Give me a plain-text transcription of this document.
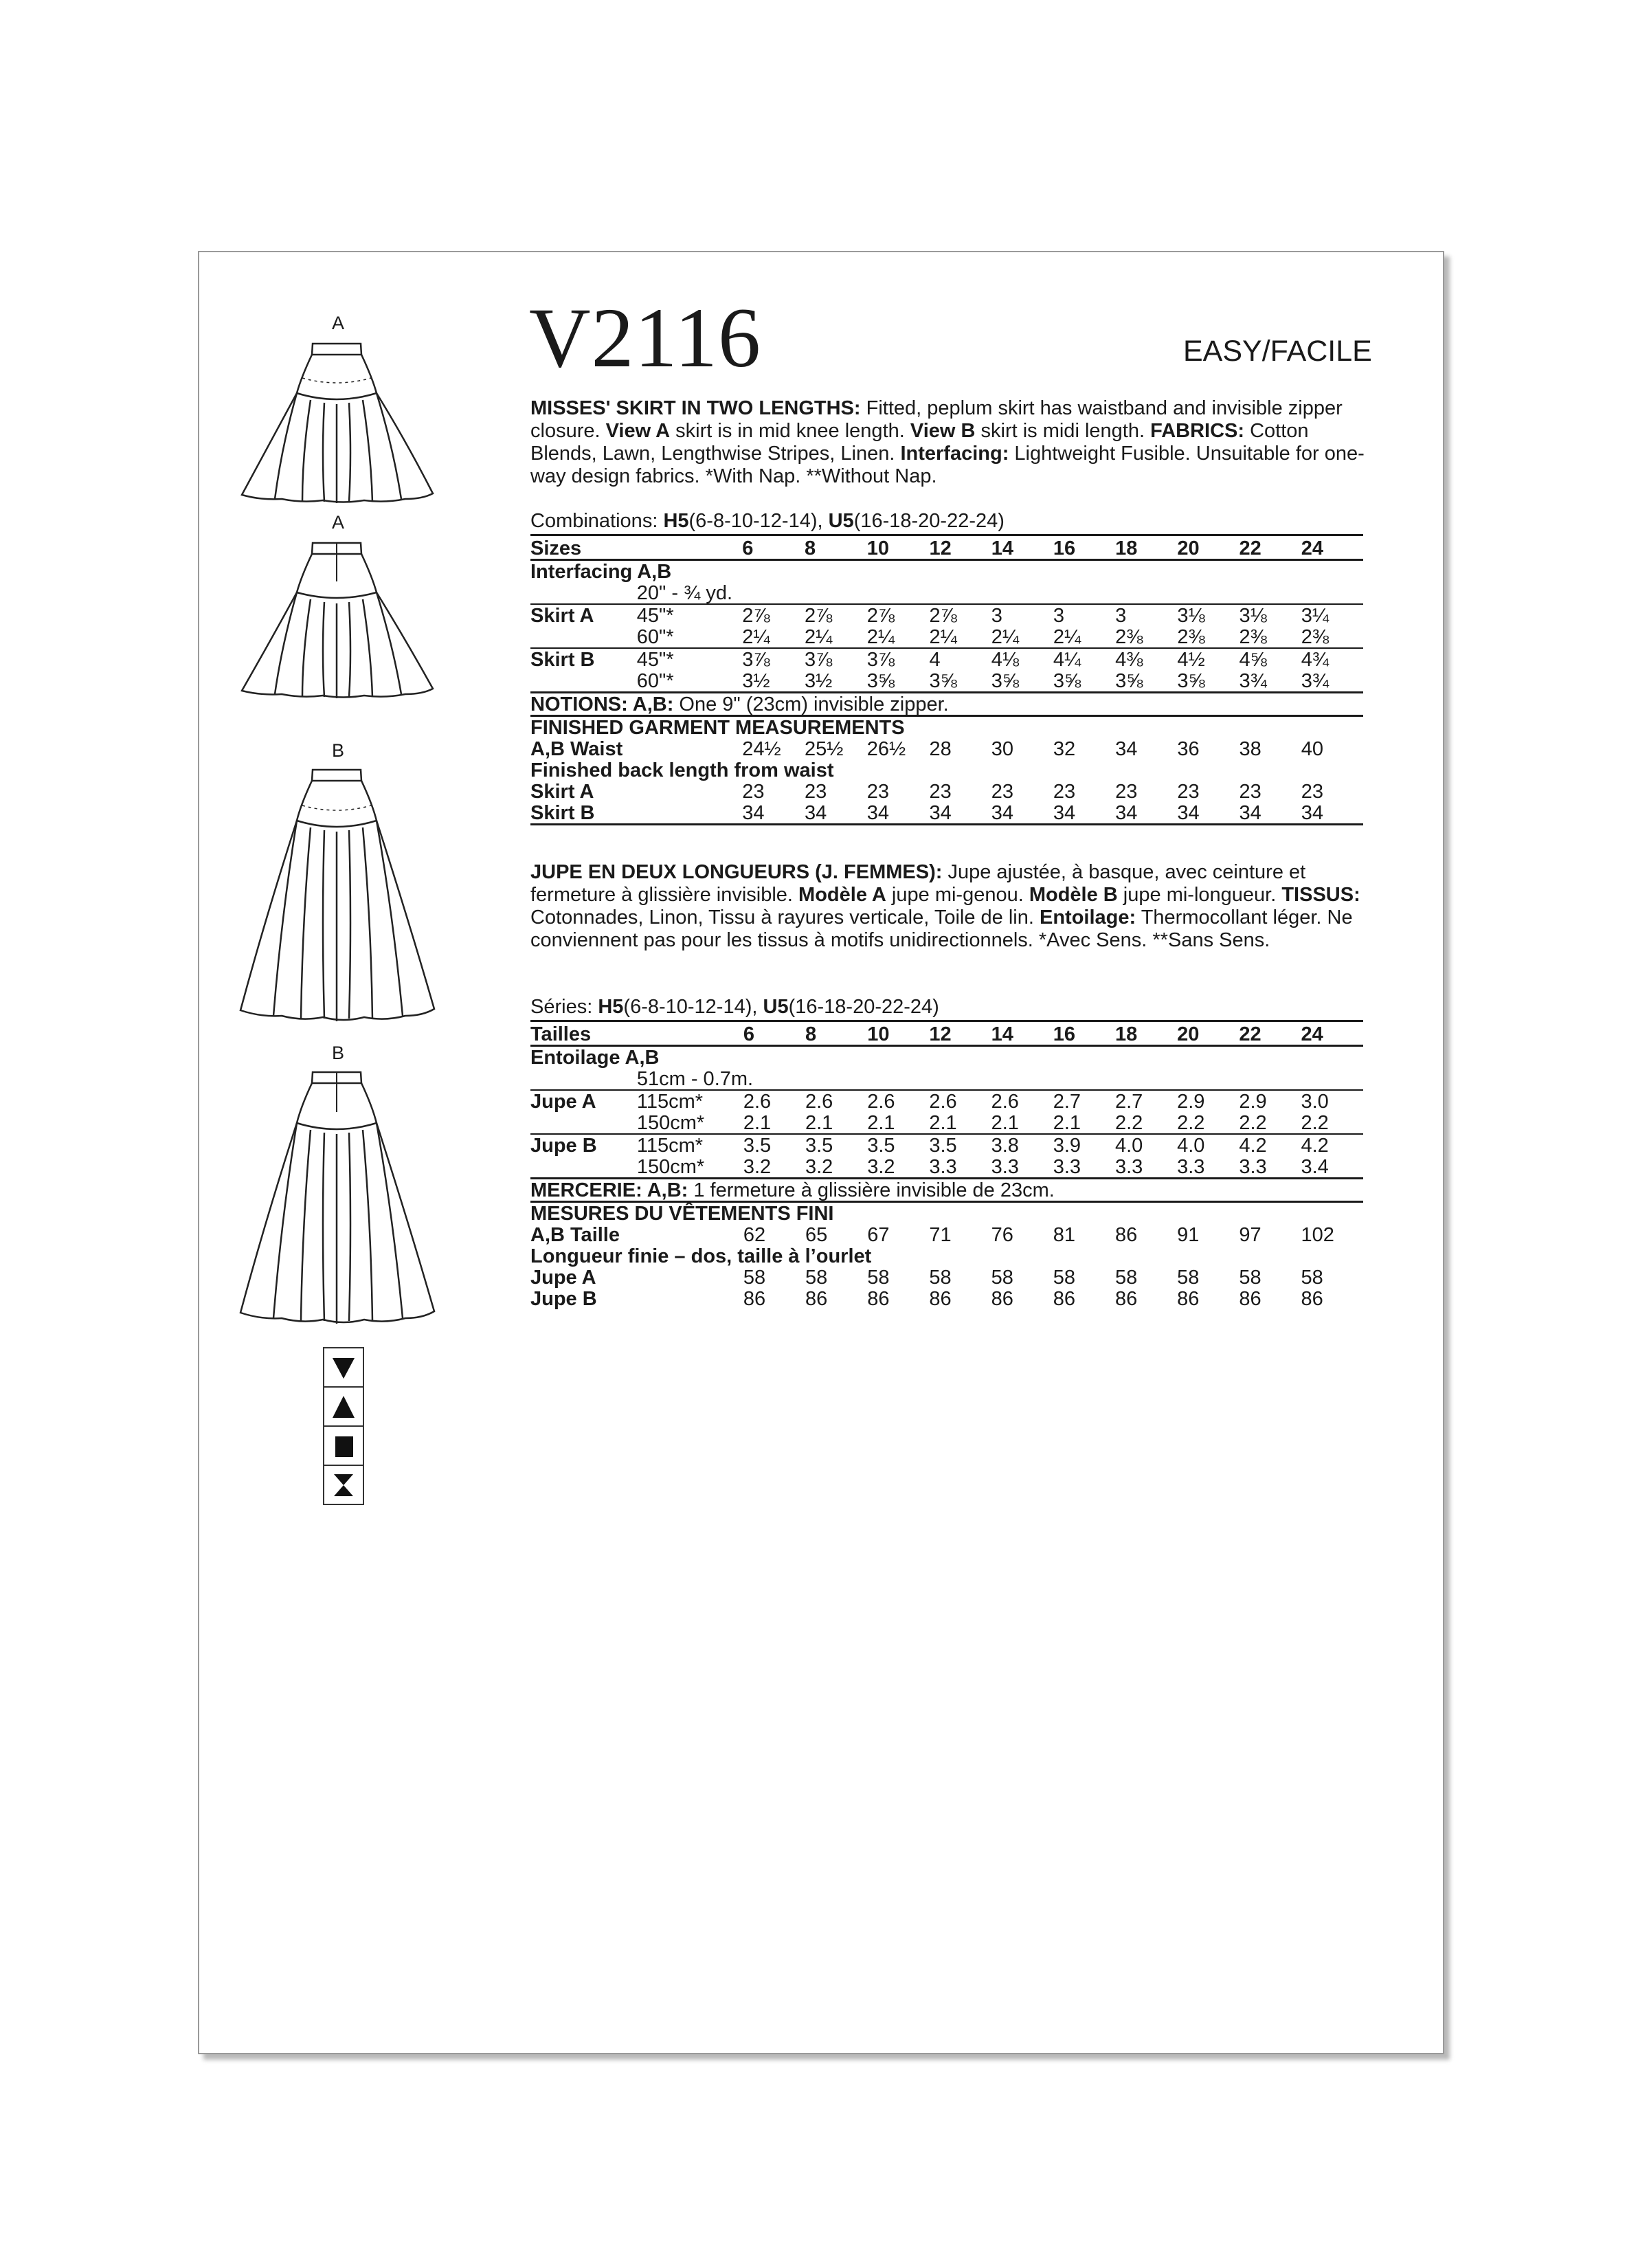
A
A
B
B
V2116	EASY/FACILE

MISSES' SKIRT IN TWO LENGTHS: Fitted, peplum skirt has waistband and invisible zipper closure. View A skirt is in mid knee length. View B skirt is midi length. FABRICS: Cotton Blends, Lawn, Lengthwise Stripes, Linen. Interfacing: Lightweight Fusible. Unsuitable for one-way design fabrics. *With Nap. **Without Nap.

Combinations: H5(6-8-10-12-14), U5(16-18-20-22-24)
Sizes		6	8	10	12	14	16	18	20	22	24
Interfacing A,B											
	20" - ¾ yd.										
Skirt A	45"*	2⅞	2⅞	2⅞	2⅞	3	3	3	3⅛	3⅛	3¼
	60"*	2¼	2¼	2¼	2¼	2¼	2¼	2⅜	2⅜	2⅜	2⅜
Skirt B	45"*	3⅞	3⅞	3⅞	4	4⅛	4¼	4⅜	4½	4⅝	4¾
	60"*	3½	3½	3⅝	3⅝	3⅝	3⅝	3⅝	3⅝	3¾	3¾
NOTIONS: A,B: One 9" (23cm) invisible zipper.											
FINISHED GARMENT MEASUREMENTS											
A,B Waist		24½	25½	26½	28	30	32	34	36	38	40
Finished back length from waist											
Skirt A		23	23	23	23	23	23	23	23	23	23
Skirt B		34	34	34	34	34	34	34	34	34	34

JUPE EN DEUX LONGUEURS (J. FEMMES): Jupe ajustée, à basque, avec ceinture et fermeture à glissière invisible. Modèle A jupe mi-genou. Modèle B jupe mi-longueur. TISSUS: Cotonnades, Linon, Tissu à rayures verticale, Toile de lin. Entoilage: Thermocollant léger. Ne conviennent pas pour les tissus à motifs unidirectionnels. *Avec Sens. **Sans Sens.

Séries: H5(6-8-10-12-14), U5(16-18-20-22-24)
Tailles		6	8	10	12	14	16	18	20	22	24
Entoilage A,B											
	51cm - 0.7m.										
Jupe A	115cm*	2.6	2.6	2.6	2.6	2.6	2.7	2.7	2.9	2.9	3.0
	150cm*	2.1	2.1	2.1	2.1	2.1	2.1	2.2	2.2	2.2	2.2
Jupe B	115cm*	3.5	3.5	3.5	3.5	3.8	3.9	4.0	4.0	4.2	4.2
	150cm*	3.2	3.2	3.2	3.3	3.3	3.3	3.3	3.3	3.3	3.4
MERCERIE: A,B: 1 fermeture à glissière invisible de 23cm.											
MESURES DU VÊTEMENTS FINI											
A,B Taille		62	65	67	71	76	81	86	91	97	102
Longueur finie – dos, taille à l’ourlet											
Jupe A		58	58	58	58	58	58	58	58	58	58
Jupe B		86	86	86	86	86	86	86	86	86	86
